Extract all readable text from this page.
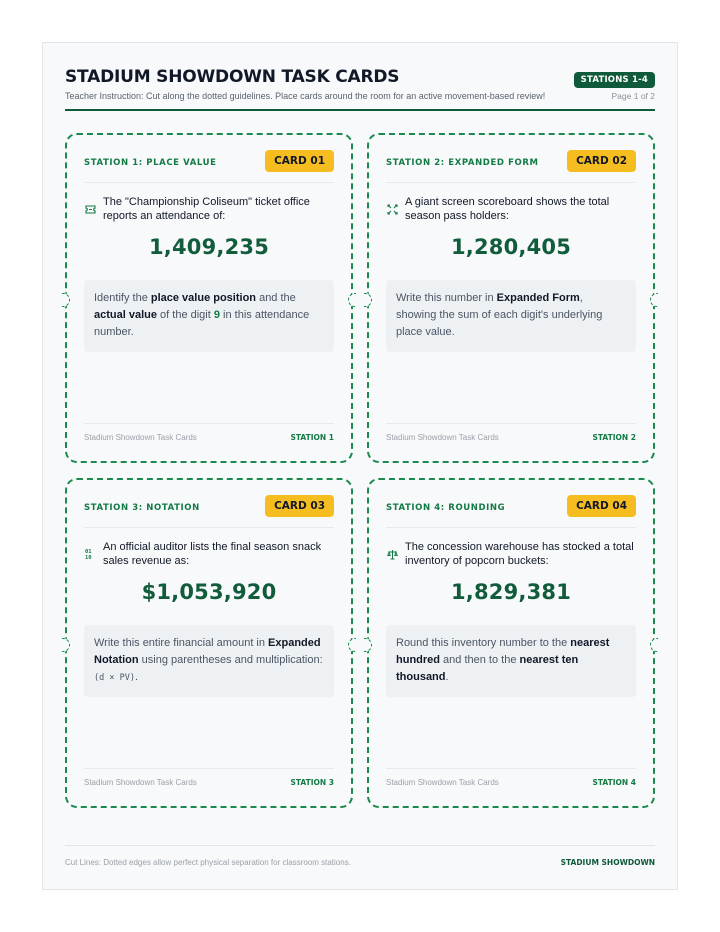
STADIUM SHOWDOWN TASK CARDS	STATIONS 1-4
Teacher Instruction: Cut along the dotted guidelines. Place cards around the room for an active movement-based review!	Page 1 of 2
STATION 1: PLACE VALUE	CARD 01
The "Championship Coliseum" ticket office reports an attendance of:
1,409,235
Identify the place value position and the actual value of the digit 9 in this attendance number.
Stadium Showdown Task Cards	STATION 1
STATION 2: EXPANDED FORM	CARD 02
A giant screen scoreboard shows the total season pass holders:
1,280,405
Write this number in Expanded Form, showing the sum of each digit's underlying place value.
Stadium Showdown Task Cards	STATION 2
STATION 3: NOTATION	CARD 03
01
10
An official auditor lists the final season snack sales revenue as:
$1,053,920
Write this entire financial amount in Expanded Notation using parentheses and multiplication: (d × PV).
Stadium Showdown Task Cards	STATION 3
STATION 4: ROUNDING	CARD 04
The concession warehouse has stocked a total inventory of popcorn buckets:
1,829,381
Round this inventory number to the nearest hundred and then to the nearest ten thousand.
Stadium Showdown Task Cards	STATION 4
Cut Lines: Dotted edges allow perfect physical separation for classroom stations.	STADIUM SHOWDOWN
